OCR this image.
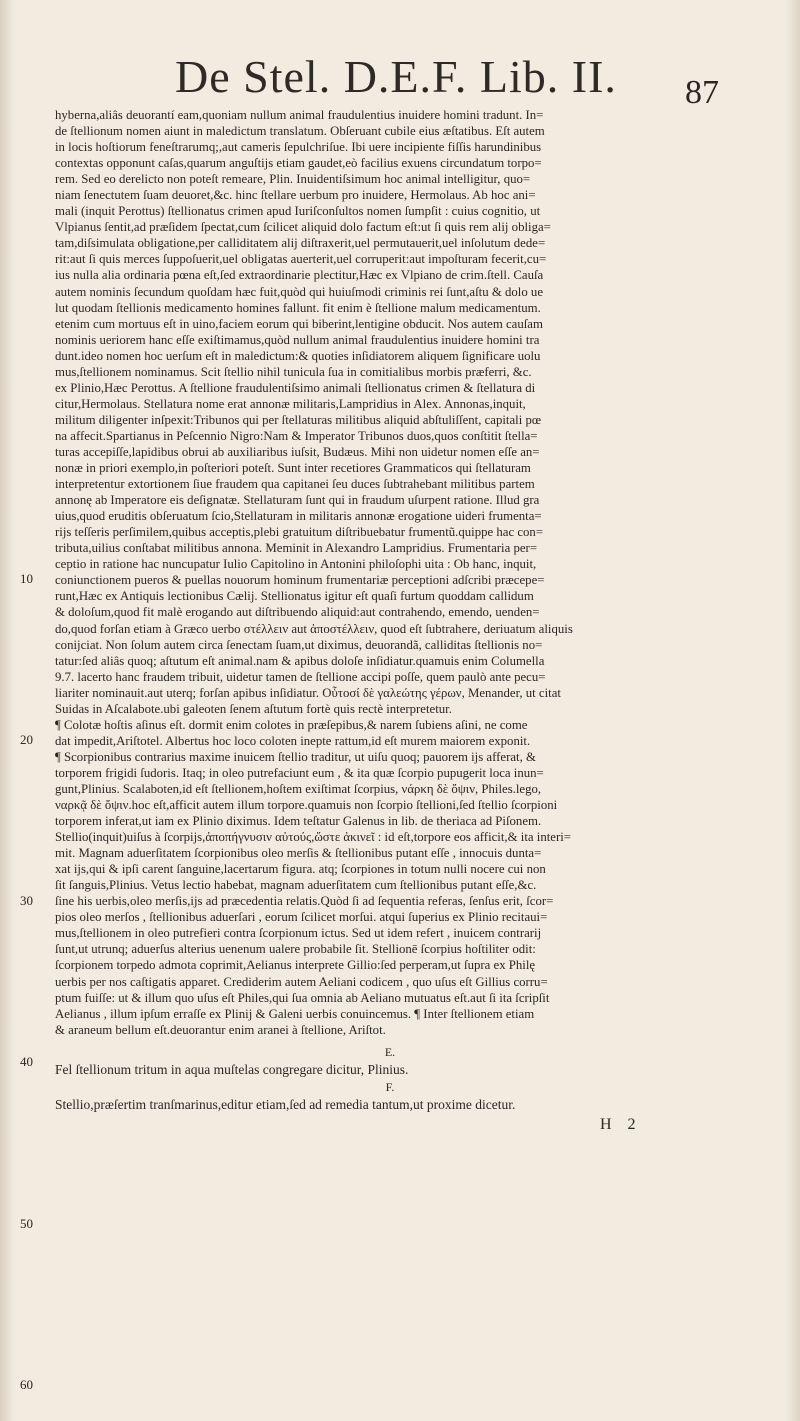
De Stel. D.E.F. Lib. II. 87
10
20
30
40
50
60
hyberna,aliâs deuorantí eam,quoniam nullum animal fraudulentius inuidere homini tradunt. In=
de ſtellionum nomen aiunt in maledictum translatum. Obſeruant cubile eius æſtatibus. Eſt autem
in locis hoſtiorum feneſtrarumq;,aut cameris ſepulchriſue. Ibi uere incipiente fiſſis harundinibus
contextas opponunt caſas,quarum anguſtijs etiam gaudet,eò facilius exuens circundatum torpo=
rem. Sed eo derelicto non poteſt remeare, Plin. Inuidentiſsimum hoc animal intelligitur, quo=
niam ſenectutem ſuam deuoret,&c. hinc ſtellare uerbum pro inuidere, Hermolaus. Ab hoc ani=
mali (inquit Perottus) ſtellionatus crimen apud Iuriſconſultos nomen ſumpſit : cuius cognitio, ut
Vlpianus ſentit,ad præſidem ſpectat,cum ſcilicet aliquid dolo factum eſt:ut ſi quis rem alij obliga=
tam,diſsimulata obligatione,per calliditatem alij diſtraxerit,uel permutauerit,uel inſolutum dede=
rit:aut ſi quis merces ſuppoſuerit,uel obligatas auerterit,uel corruperit:aut impoſturam fecerit,cu=
ius nulla alia ordinaria pœna eſt,ſed extraordinarie plectitur,Hæc ex Vlpiano de crim.ſtell. Cauſa
autem nominis ſecundum quoſdam hæc fuit,quòd qui huiuſmodi criminis rei ſunt,aſtu & dolo ue
lut quodam ſtellionis medicamento homines fallunt. fit enim è ſtellione malum medicamentum.
etenim cum mortuus eſt in uino,faciem eorum qui biberint,lentigine obducit. Nos autem cauſam
nominis ueriorem hanc eſſe exiſtimamus,quòd nullum animal fraudulentius inuidere homini tra
dunt.ideo nomen hoc uerſum eſt in maledictum:& quoties inſidiatorem aliquem ſignificare uolu
mus,ſtellionem nominamus. Scit ſtellio nihil tunicula ſua in comitialibus morbis præferri, &c.
ex Plinio,Hæc Perottus. A ſtellione fraudulentiſsimo animali ſtellionatus crimen & ſtellatura di
citur,Hermolaus. Stellatura nome erat annonæ militaris,Lampridius in Alex. Annonas,inquit,
militum diligenter inſpexit:Tribunos qui per ſtellaturas militibus aliquid abſtuliſſent, capitali pœ
na affecit.Spartianus in Peſcennio Nigro:Nam & Imperator Tribunos duos,quos conſtitit ſtella=
turas accepiſſe,lapidibus obrui ab auxiliaribus iuſsit, Budæus. Mihi non uidetur nomen eſſe an=
nonæ in priori exemplo,in poſteriori poteſt. Sunt inter recetiores Grammaticos qui ſtellaturam
interpretentur extortionem ſiue fraudem qua capitanei ſeu duces ſubtrahebant militibus partem
annonę ab Imperatore eis deſignatæ. Stellaturam ſunt qui in fraudum uſurpent ratione. Illud gra
uius,quod eruditis obſeruatum ſcio,Stellaturam in militaris annonæ erogatione uideri frumenta=
rijs teſſeris perſimilem,quibus acceptis,plebi gratuitum diſtribuebatur frumentũ.quippe hac con=
tributa,uilius conſtabat militibus annona. Meminit in Alexandro Lampridius. Frumentaria per=
ceptio in ratione hac nuncupatur Iulio Capitolino in Antonini philoſophi uita : Ob hanc, inquit,
coniunctionem pueros & puellas nouorum hominum frumentariæ perceptioni adſcribi præcepe=
runt,Hæc ex Antiquis lectionibus Cælij. Stellionatus igitur eſt quaſi furtum quoddam callidum
& doloſum,quod fit malè erogando aut diſtribuendo aliquid:aut contrahendo, emendo, uenden=
do,quod forſan etiam à Græco uerbo στέλλειν aut ἀποστέλλειν, quod eſt ſubtrahere, deriuatum aliquis
conijciat. Non ſolum autem circa ſenectam ſuam,ut diximus, deuorandã, calliditas ſtellionis no=
tatur:ſed aliâs quoq; aſtutum eſt animal.nam & apibus doloſe inſidiatur.quamuis enim Columella
9.7. lacerto hanc fraudem tribuit, uidetur tamen de ſtellione accipi poſſe, quem paulò ante pecu=
liariter nominauit.aut uterq; forſan apibus inſidiatur. Οὗτοσί δὲ γαλεώτης γέρων, Menander, ut citat
Suidas in Aſcalabote.ubi galeoten ſenem aſtutum fortè quis rectè interpretetur.
¶ Colotæ hoſtis aſinus eſt. dormit enim colotes in præſepibus,& narem ſubiens aſini, ne come
dat impedit,Ariſtotel. Albertus hoc loco coloten inepte rattum,id eſt murem maiorem exponit.
¶ Scorpionibus contrarius maxime inuicem ſtellio traditur, ut uiſu quoq; pauorem ijs afferat, &
torporem frigidi ſudoris. Itaq; in oleo putrefaciunt eum , & ita quæ ſcorpio pupugerit loca inun=
gunt,Plinius. Scalaboten,id eſt ſtellionem,hoſtem exiſtimat ſcorpius, νάρκη δὲ ὄψιν, Philes.lego,
ναρκᾷ δὲ ὄψιν.hoc eſt,afficit autem illum torpore.quamuis non ſcorpio ſtellioni,ſed ſtellio ſcorpioni
torporem inferat,ut iam ex Plinio diximus. Idem teſtatur Galenus in lib. de theriaca ad Piſonem.
Stellio(inquit)uiſus à ſcorpijs,ἀποπήγνυσιν αὐτούς,ὥστε ἀκινεῖ : id eſt,torpore eos afficit,& ita interi=
mit. Magnam aduerſitatem ſcorpionibus oleo merſis & ſtellionibus putant eſſe , innocuis dunta=
xat ijs,qui & ipſi carent ſanguine,lacertarum figura. atq; ſcorpiones in totum nulli nocere cui non
ſit ſanguis,Plinius. Vetus lectio habebat, magnam aduerſitatem cum ſtellionibus putant eſſe,&c.
ſine his uerbis,oleo merſis,ijs ad præcedentia relatis.Quòd ſi ad ſequentia referas, ſenſus erit, ſcor=
pios oleo merſos , ſtellionibus aduerſari , eorum ſcilicet morſui. atqui ſuperius ex Plinio recitaui=
mus,ſtellionem in oleo putrefieri contra ſcorpionum ictus. Sed ut idem refert , inuicem contrarij
ſunt,ut utrunq; aduerſus alterius uenenum ualere probabile ſit. Stellionē ſcorpius hoſtiliter odit:
ſcorpionem torpedo admota coprimit,Aelianus interprete Gillio:ſed perperam,ut ſupra ex Philę
uerbis per nos caſtigatis apparet. Crediderim autem Aeliani codicem , quo uſus eſt Gillius corru=
ptum fuiſſe: ut & illum quo uſus eſt Philes,qui ſua omnia ab Aeliano mutuatus eſt.aut ſi ita ſcripſit
Aelianus , illum ipſum erraſſe ex Plinij & Galeni uerbis conuincemus. ¶ Inter ſtellionem etiam
& araneum bellum eſt.deuorantur enim aranei à ſtellione, Ariſtot.
E.
Fel ſtellionum tritum in aqua muſtelas congregare dicitur, Plinius.
F.
Stellio,præſertim tranſmarinus,editur etiam,ſed ad remedia tantum,ut proxime dicetur.
H 2
